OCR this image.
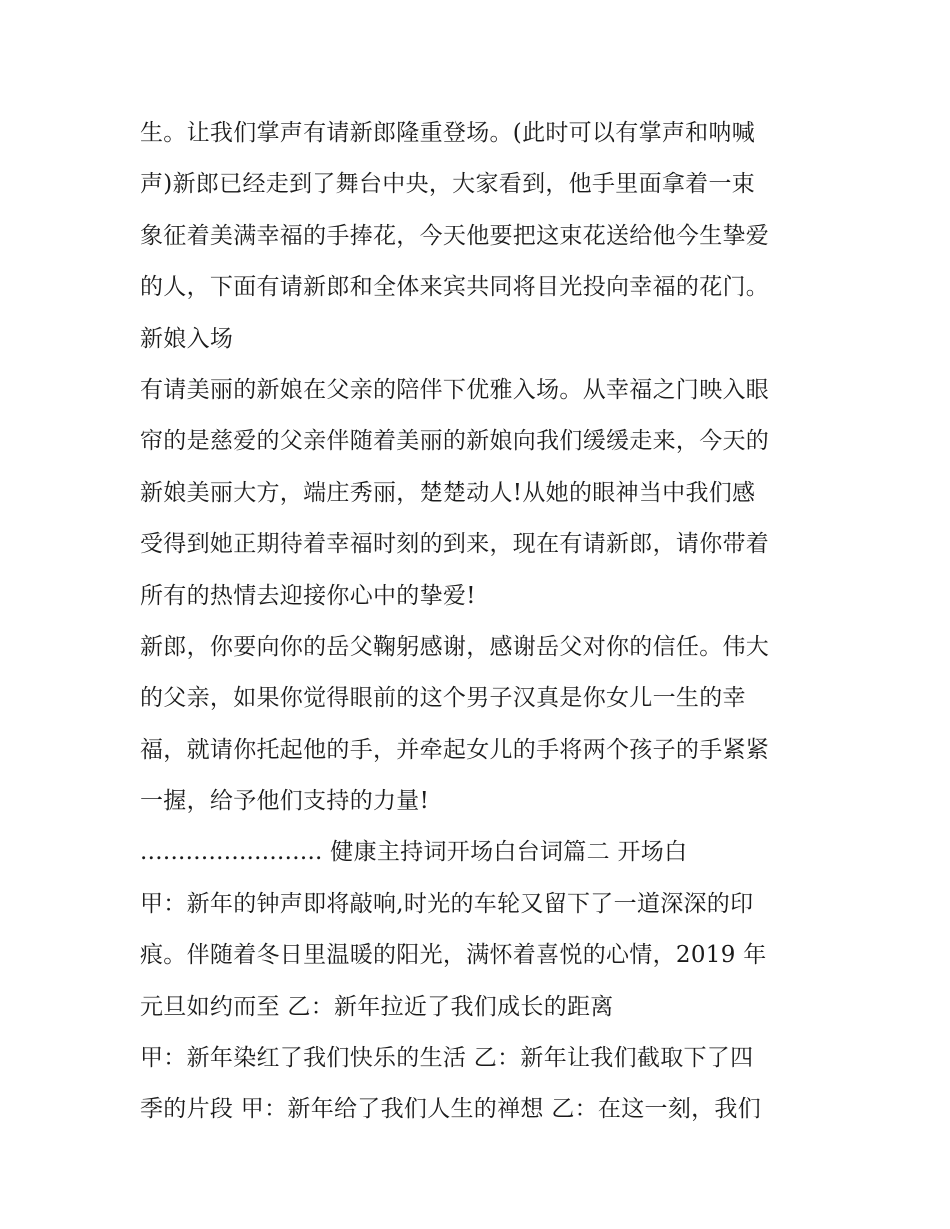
生。让我们掌声有请新郎隆重登场。(此时可以有掌声和呐喊
声)新郎已经走到了舞台中央，大家看到，他手里面拿着一束
象征着美满幸福的手捧花，今天他要把这束花送给他今生挚爱
的人，下面有请新郎和全体来宾共同将目光投向幸福的花门。
新娘入场
有请美丽的新娘在父亲的陪伴下优雅入场。从幸福之门映入眼
帘的是慈爱的父亲伴随着美丽的新娘向我们缓缓走来，今天的
新娘美丽大方，端庄秀丽，楚楚动人!从她的眼神当中我们感
受得到她正期待着幸福时刻的到来，现在有请新郎，请你带着
所有的热情去迎接你心中的挚爱!
新郎，你要向你的岳父鞠躬感谢，感谢岳父对你的信任。伟大
的父亲，如果你觉得眼前的这个男子汉真是你女儿一生的幸
福，就请你托起他的手，并牵起女儿的手将两个孩子的手紧紧
一握，给予他们支持的力量!
........................ 健康主持词开场白台词篇二 开场白
甲：新年的钟声即将敲响,时光的车轮又留下了一道深深的印
痕。伴随着冬日里温暖的阳光，满怀着喜悦的心情，2019 年
元旦如约而至 乙：新年拉近了我们成长的距离
甲：新年染红了我们快乐的生活 乙：新年让我们截取下了四
季的片段 甲：新年给了我们人生的禅想 乙：在这一刻，我们
